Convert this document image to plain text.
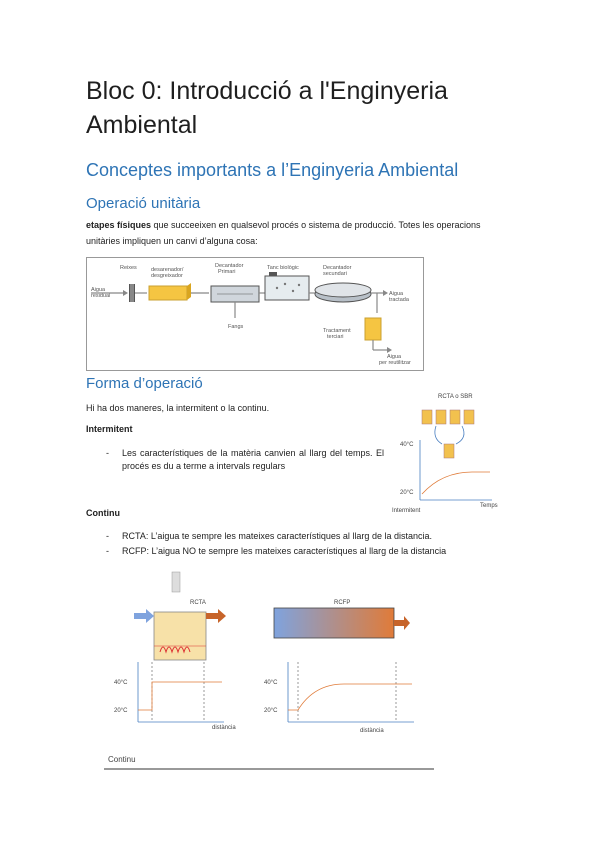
Bloc 0: Introducció a l'Enginyeria Ambiental
Conceptes importants a l’Enginyeria Ambiental
Operació unitària

etapes físiques que succeeixen en qualsevol procés o sistema de producció. Totes les operacions unitàries impliquen un canvi d’alguna cosa:

Reixes	desarenador/
desgreixador
Decantador
Primari
Tanc biològic	Decantador
secundari
Aigua
residual
Fangs
Aigua
tractada
Tractament
terciari
Aigua
per reutilitzar
Forma d’operació

Hi ha dos maneres, la intermitent o la continu.

Intermitent

- Les característiques de la matèria canvien al llarg del temps. El procés es du a terme a intervals regulars
RCTA o SBR
40°C
20°C
Temps
Intermitent

Continu

- RCTA: L’aigua te sempre les mateixes característiques al llarg de la distancia.
- RCFP: L’aigua NO te sempre les mateixes característiques al llarg de la distancia
RCTA	RCFP
40°C
20°C
distància
40°C
20°C
distància
Continu
